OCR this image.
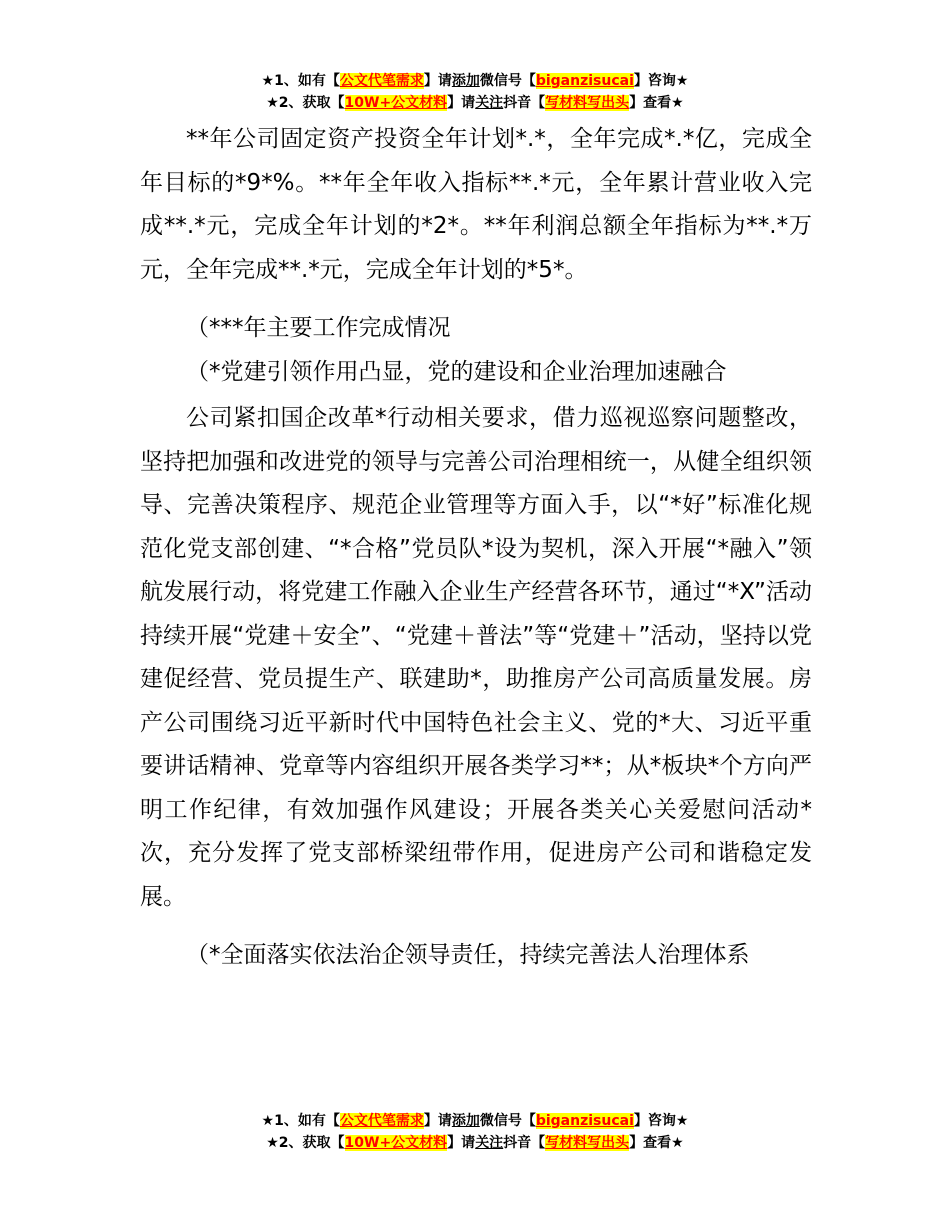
★1、如有【公文代笔需求】请添加微信号【biganzisucai】咨询★
★2、获取【10W+公文材料】请关注抖音【写材料写出头】查看★

**年公司固定资产投资全年计划*.*，全年完成*.*亿，完成全年目标的*9*%。**年全年收入指标**.*元，全年累计营业收入完成**.*元，完成全年计划的*2*。**年利润总额全年指标为**.*万元，全年完成**.*元，完成全年计划的*5*。

（***年主要工作完成情况

（*党建引领作用凸显，党的建设和企业治理加速融合

公司紧扣国企改革*行动相关要求，借力巡视巡察问题整改，坚持把加强和改进党的领导与完善公司治理相统一，从健全组织领导、完善决策程序、规范企业管理等方面入手，以“*好”标准化规范化党支部创建、“*合格”党员队*设为契机，深入开展“*融入”领航发展行动，将党建工作融入企业生产经营各环节，通过“*X”活动持续开展“党建＋安全”、“党建＋普法”等“党建＋”活动，坚持以党建促经营、党员提生产、联建助*，助推房产公司高质量发展。房产公司围绕习近平新时代中国特色社会主义、党的*大、习近平重要讲话精神、党章等内容组织开展各类学习**；从*板块*个方向严明工作纪律，有效加强作风建设；开展各类关心关爱慰问活动*次，充分发挥了党支部桥梁纽带作用，促进房产公司和谐稳定发展。

（*全面落实依法治企领导责任，持续完善法人治理体系

★1、如有【公文代笔需求】请添加微信号【biganzisucai】咨询★
★2、获取【10W+公文材料】请关注抖音【写材料写出头】查看★
